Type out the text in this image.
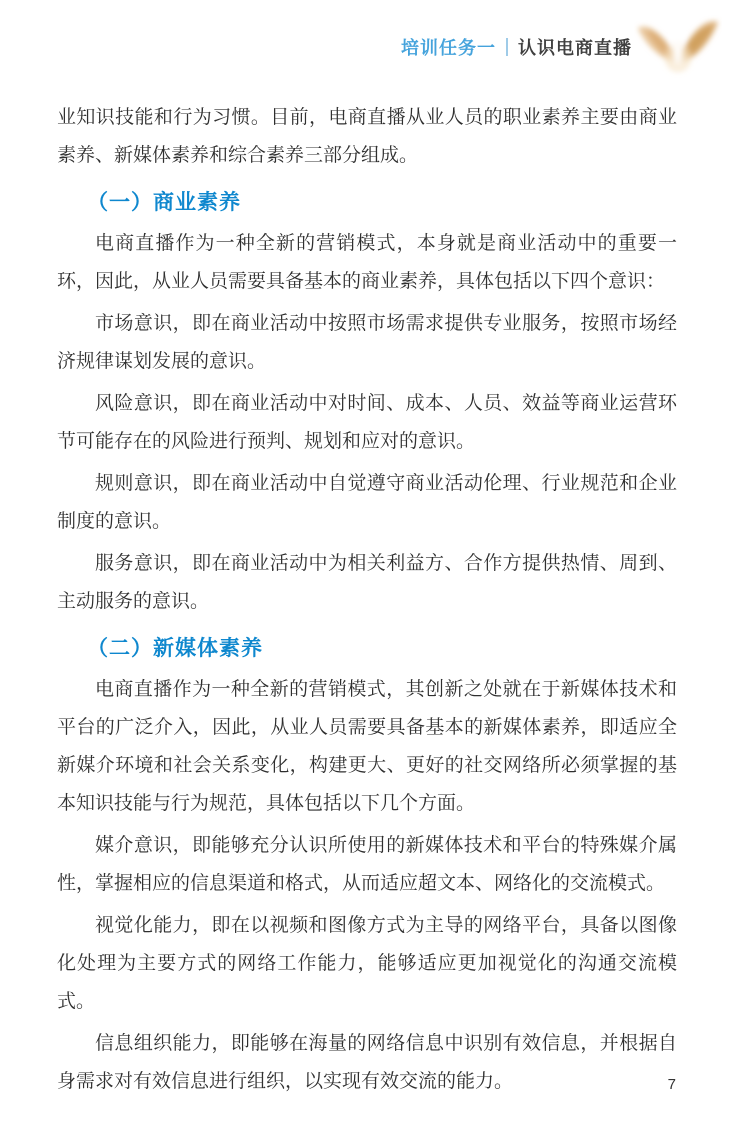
培训任务一 认识电商直播

业知识技能和行为习惯。目前，电商直播从业人员的职业素养主要由商业素养、新媒体素养和综合素养三部分组成。

（一）商业素养

电商直播作为一种全新的营销模式，本身就是商业活动中的重要一环，因此，从业人员需要具备基本的商业素养，具体包括以下四个意识：

市场意识，即在商业活动中按照市场需求提供专业服务，按照市场经济规律谋划发展的意识。

风险意识，即在商业活动中对时间、成本、人员、效益等商业运营环节可能存在的风险进行预判、规划和应对的意识。

规则意识，即在商业活动中自觉遵守商业活动伦理、行业规范和企业制度的意识。

服务意识，即在商业活动中为相关利益方、合作方提供热情、周到、主动服务的意识。

（二）新媒体素养

电商直播作为一种全新的营销模式，其创新之处就在于新媒体技术和平台的广泛介入，因此，从业人员需要具备基本的新媒体素养，即适应全新媒介环境和社会关系变化，构建更大、更好的社交网络所必须掌握的基本知识技能与行为规范，具体包括以下几个方面。

媒介意识，即能够充分认识所使用的新媒体技术和平台的特殊媒介属性，掌握相应的信息渠道和格式，从而适应超文本、网络化的交流模式。

视觉化能力，即在以视频和图像方式为主导的网络平台，具备以图像化处理为主要方式的网络工作能力，能够适应更加视觉化的沟通交流模式。

信息组织能力，即能够在海量的网络信息中识别有效信息，并根据自身需求对有效信息进行组织，以实现有效交流的能力。	7
